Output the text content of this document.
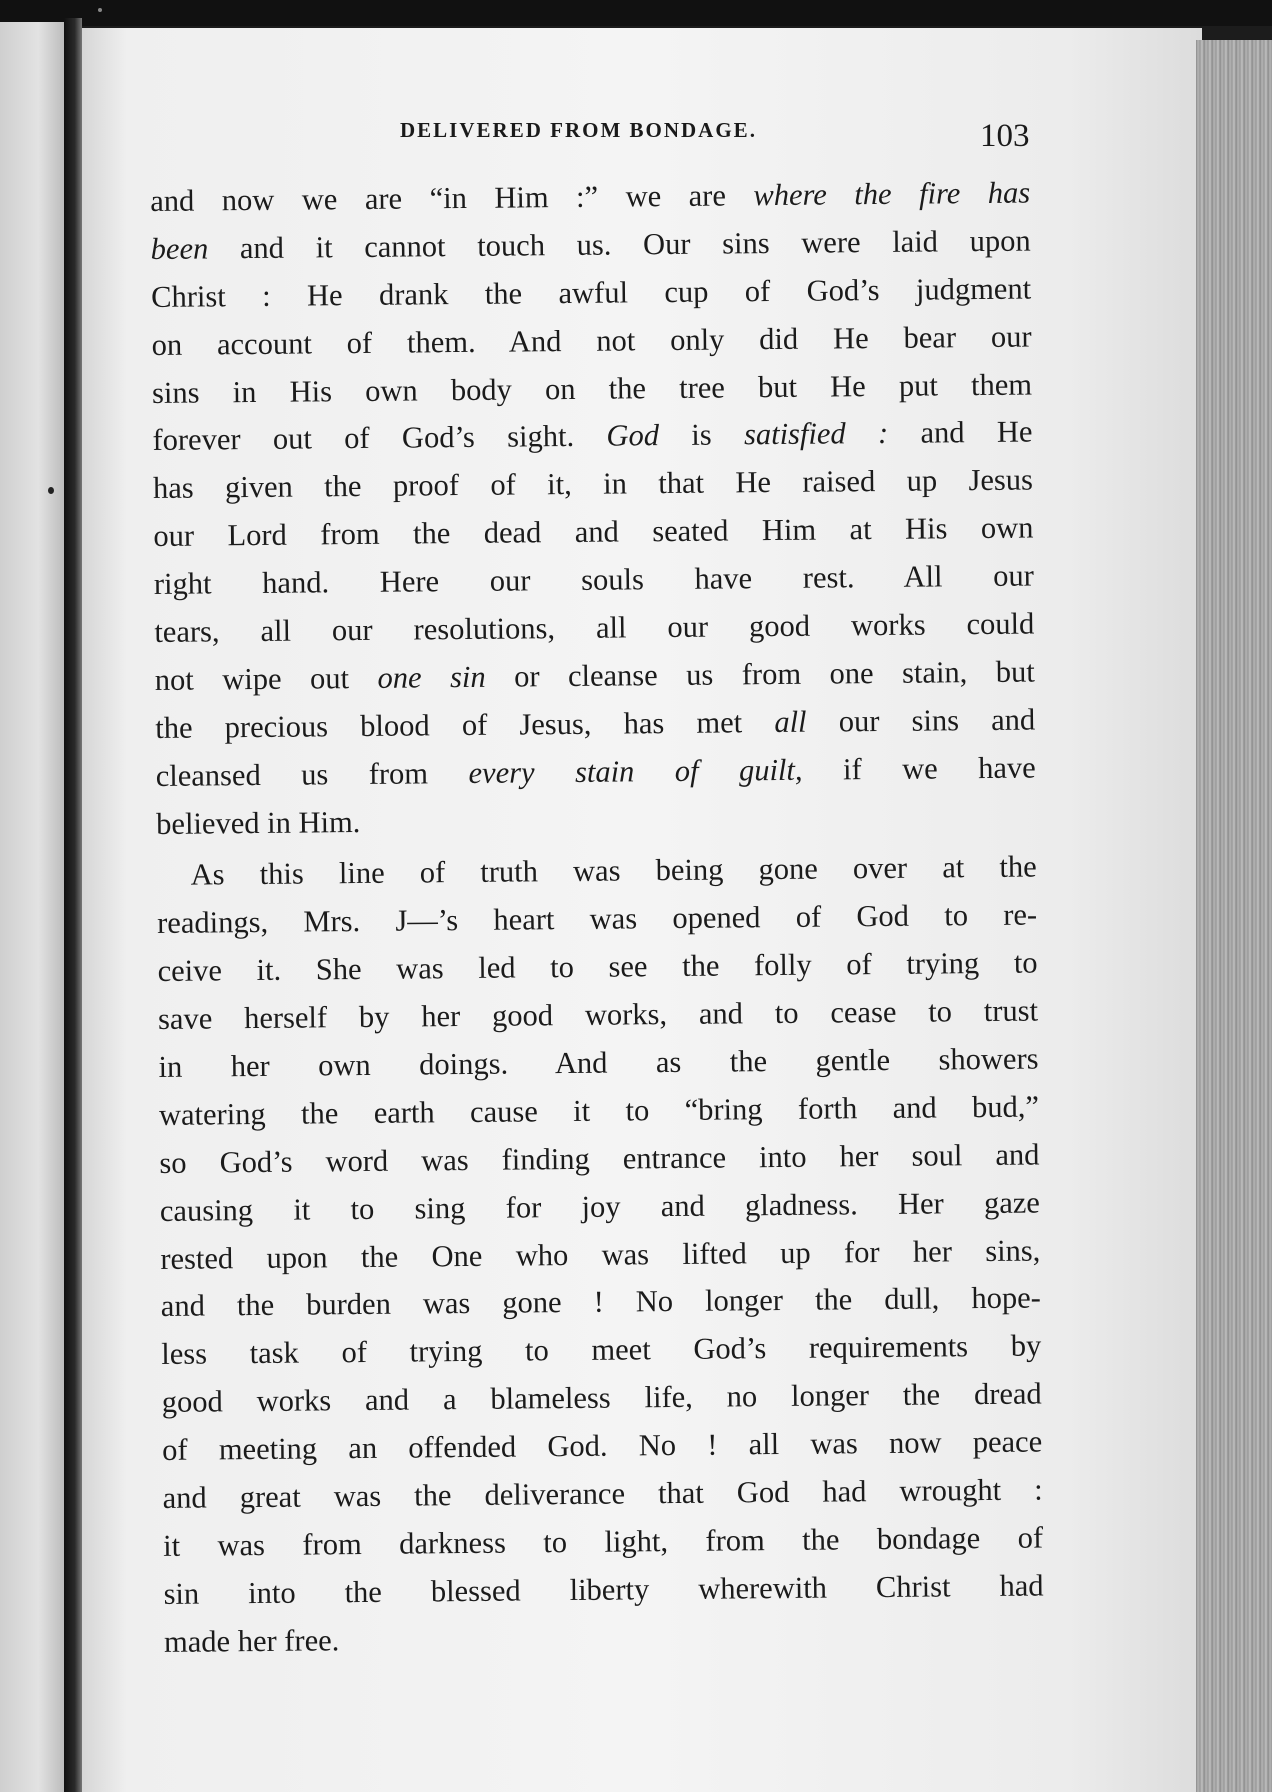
DELIVERED FROM BONDAGE.	103
and now we are “in Him :” we are where the fire has
been and it cannot touch us. Our sins were laid upon
Christ : He drank the awful cup of God’s judgment
on account of them. And not only did He bear our
sins in His own body on the tree but He put them
forever out of God’s sight. God is satisfied : and He
has given the proof of it, in that He raised up Jesus
our Lord from the dead and seated Him at His own
right hand. Here our souls have rest. All our
tears, all our resolutions, all our good works could
not wipe out one sin or cleanse us from one stain, but
the precious blood of Jesus, has met all our sins and
cleansed us from every stain of guilt, if we have
believed in Him.
As this line of truth was being gone over at the
readings, Mrs. J—’s heart was opened of God to re-
ceive it. She was led to see the folly of trying to
save herself by her good works, and to cease to trust
in her own doings. And as the gentle showers
watering the earth cause it to “bring forth and bud,”
so God’s word was finding entrance into her soul and
causing it to sing for joy and gladness. Her gaze
rested upon the One who was lifted up for her sins,
and the burden was gone ! No longer the dull, hope-
less task of trying to meet God’s requirements by
good works and a blameless life, no longer the dread
of meeting an offended God. No ! all was now peace
and great was the deliverance that God had wrought :
it was from darkness to light, from the bondage of
sin into the blessed liberty wherewith Christ had
made her free.
